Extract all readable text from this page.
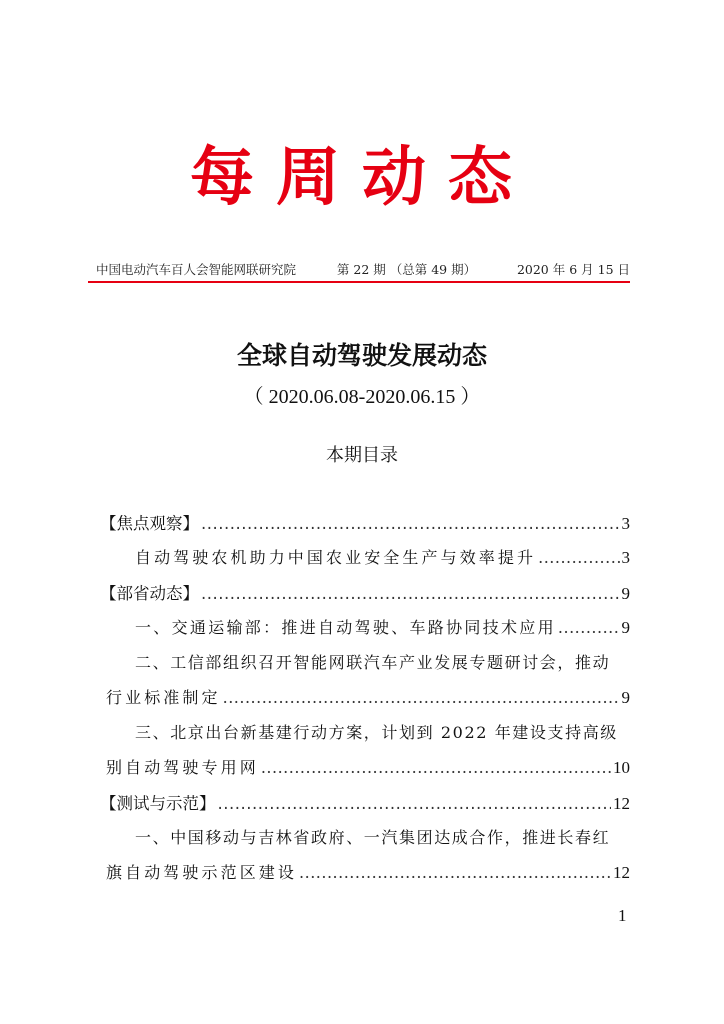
每周动态
中国电动汽车百人会智能网联研究院	第 22 期 （总第 49 期）	2020 年 6 月 15 日
全球自动驾驶发展动态
（ 2020.06.08-2020.06.15 ）
本期目录
【焦点观察】 .....	3
自动驾驶农机助力中国农业安全生产与效率提升 .....	3
【部省动态】 .....	9
一、交通运输部：推进自动驾驶、车路协同技术应用 .....	9
二、工信部组织召开智能网联汽车产业发展专题研讨会，推动
行业标准制定 .....	9
三、北京出台新基建行动方案，计划到 2022 年建设支持高级
别自动驾驶专用网 .....	10
【测试与示范】 .....	12
一、中国移动与吉林省政府、一汽集团达成合作，推进长春红
旗自动驾驶示范区建设 .....	12
1
